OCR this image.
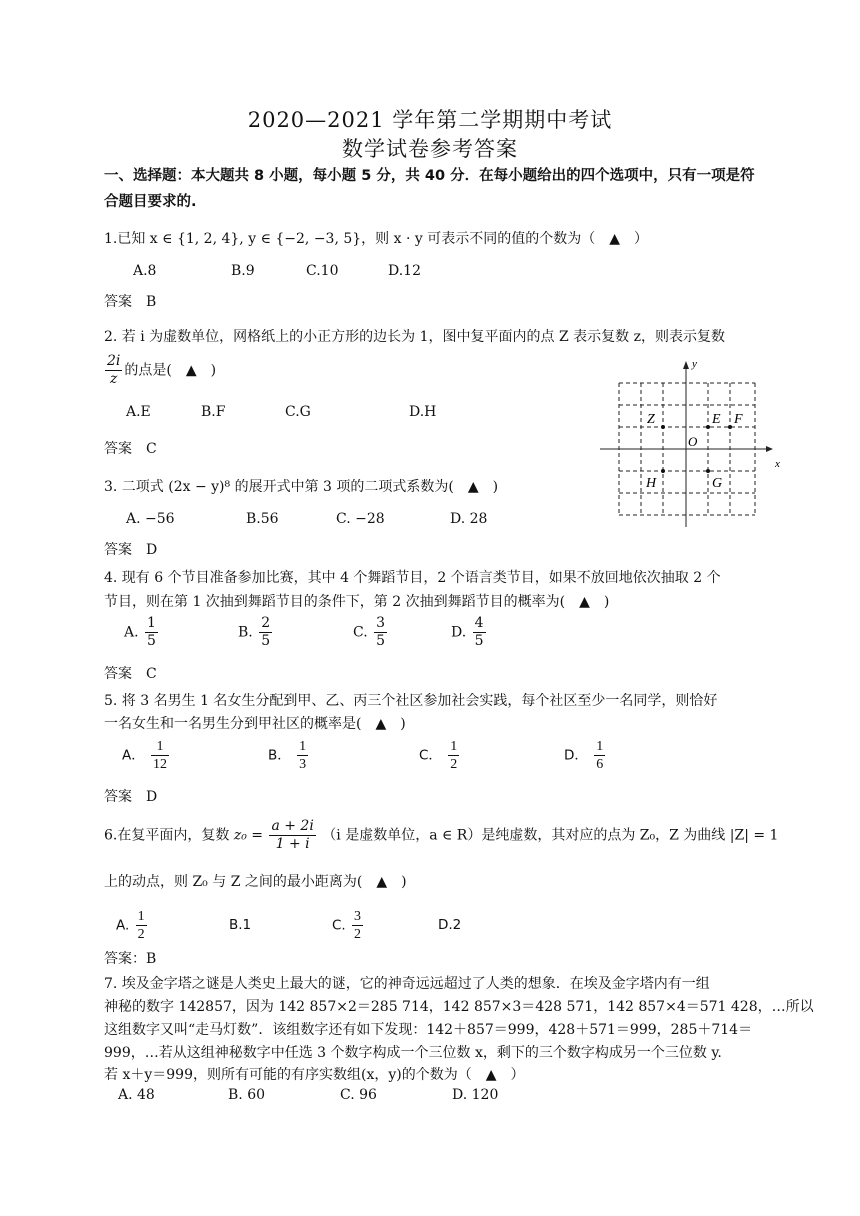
2020—2021 学年第二学期期中考试
数学试卷参考答案
一、选择题：本大题共 8 小题，每小题 5 分，共 40 分．在每小题给出的四个选项中，只有一项是符
合题目要求的.
1.已知 x ∈ {1, 2, 4}, y ∈ {−2, −3, 5}，则 x · y 可表示不同的值的个数为（　▲　）
A.8	B.9	C.10	D.12
答案　B
2. 若 i 为虚数单位，网格纸上的小正方形的边长为 1，图中复平面内的点 Z 表示复数 z，则表示复数
$\frac{2i}{z}$ 的点是(　▲　)
A.E	B.F	C.G	D.H
答案　C
x
y
O
Z	E F
H	G
3. 二项式 (2x − y)⁸ 的展开式中第 3 项的二项式系数为(　▲　)
A. −56	B.56	C. −28	D. 28
答案　D
4. 现有 6 个节目准备参加比赛，其中 4 个舞蹈节目，2 个语言类节目，如果不放回地依次抽取 2 个
节目，则在第 1 次抽到舞蹈节目的条件下，第 2 次抽到舞蹈节目的概率为(　▲　)
A. $\frac{1}{5}$	B. $\frac{2}{5}$	C. $\frac{3}{5}$	D. $\frac{4}{5}$
答案　C
5. 将 3 名男生 1 名女生分配到甲、乙、丙三个社区参加社会实践，每个社区至少一名同学，则恰好
一名女生和一名男生分到甲社区的概率是(　▲　)
A． $\frac{1}{12}$	B． $\frac{1}{3}$	C． $\frac{1}{2}$	D． $\frac{1}{6}$
答案　D
6.在复平面内，复数 $z_0 = \frac{a + 2i}{1 + i} (i$ 是虚数单位，a ∈ R）是纯虚数，其对应的点为 Z₀，Z 为曲线 |Z| = 1
上的动点，则 Z₀ 与 Z 之间的最小距离为(　▲　)
A. $\frac{1}{2}$	B.1	C. $\frac{3}{2}$	D.2
答案：B
7. 埃及金字塔之谜是人类史上最大的谜，它的神奇远远超过了人类的想象．在埃及金字塔内有一组
神秘的数字 142857，因为 142 857×2＝285 714，142 857×3＝428 571，142 857×4＝571 428，…所以
这组数字又叫“走马灯数”．该组数字还有如下发现：142＋857＝999，428＋571＝999，285＋714＝
999，…若从这组神秘数字中任选 3 个数字构成一个三位数 x，剩下的三个数字构成另一个三位数 y.
若 x＋y＝999，则所有可能的有序实数组(x，y)的个数为（　▲　）
A. 48	B. 60	C. 96	D. 120
